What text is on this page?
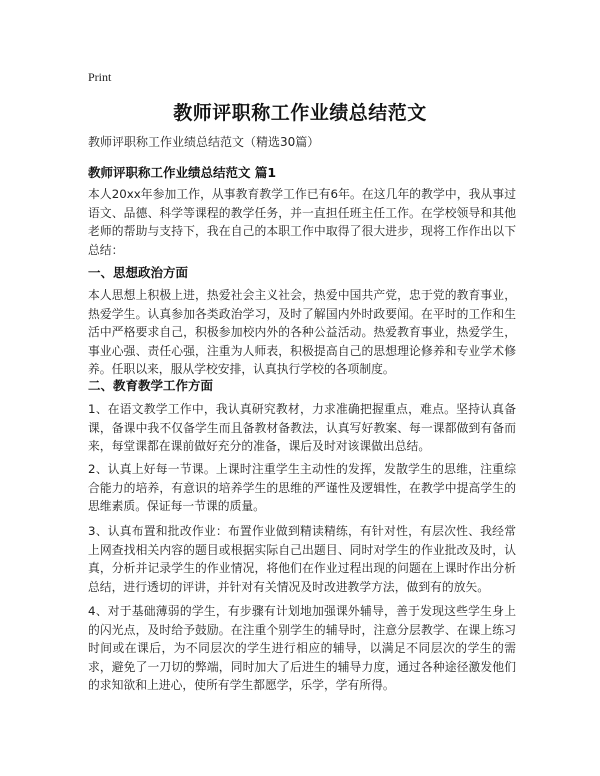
Print
教师评职称工作业绩总结范文
教师评职称工作业绩总结范文（精选30篇）
教师评职称工作业绩总结范文 篇1
本人20xx年参加工作，从事教育教学工作已有6年。在这几年的教学中，我从事过语文、品德、科学等课程的教学任务，并一直担任班主任工作。在学校领导和其他老师的帮助与支持下，我在自己的本职工作中取得了很大进步，现将工作作出以下总结：
一、思想政治方面
本人思想上积极上进，热爱社会主义社会，热爱中国共产党，忠于党的教育事业，热爱学生。认真参加各类政治学习，及时了解国内外时政要闻。在平时的工作和生活中严格要求自己，积极参加校内外的各种公益活动。热爱教育事业，热爱学生，事业心强、责任心强，注重为人师表，积极提高自己的思想理论修养和专业学术修养。任职以来，服从学校安排，认真执行学校的各项制度。
二、教育教学工作方面
1、在语文教学工作中，我认真研究教材，力求准确把握重点，难点。坚持认真备课，备课中我不仅备学生而且备教材备教法，认真写好教案、每一课都做到有备而来，每堂课都在课前做好充分的准备，课后及时对该课做出总结。
2、认真上好每一节课。上课时注重学生主动性的发挥，发散学生的思维，注重综合能力的培养，有意识的培养学生的思维的严谨性及逻辑性，在教学中提高学生的思维素质。保证每一节课的质量。
3、认真布置和批改作业：布置作业做到精读精练，有针对性，有层次性、我经常上网查找相关内容的题目或根据实际自己出题目、同时对学生的作业批改及时，认真，分析并记录学生的作业情况，将他们在作业过程出现的问题在上课时作出分析总结，进行透切的评讲，并针对有关情况及时改进教学方法，做到有的放矢。
4、对于基础薄弱的学生，有步骤有计划地加强课外辅导，善于发现这些学生身上的闪光点，及时给予鼓励。在注重个别学生的辅导时，注意分层教学、在课上练习时间或在课后，为不同层次的学生进行相应的辅导，以满足不同层次的学生的需求，避免了一刀切的弊端，同时加大了后进生的辅导力度，通过各种途径激发他们的求知欲和上进心，使所有学生都愿学，乐学，学有所得。
